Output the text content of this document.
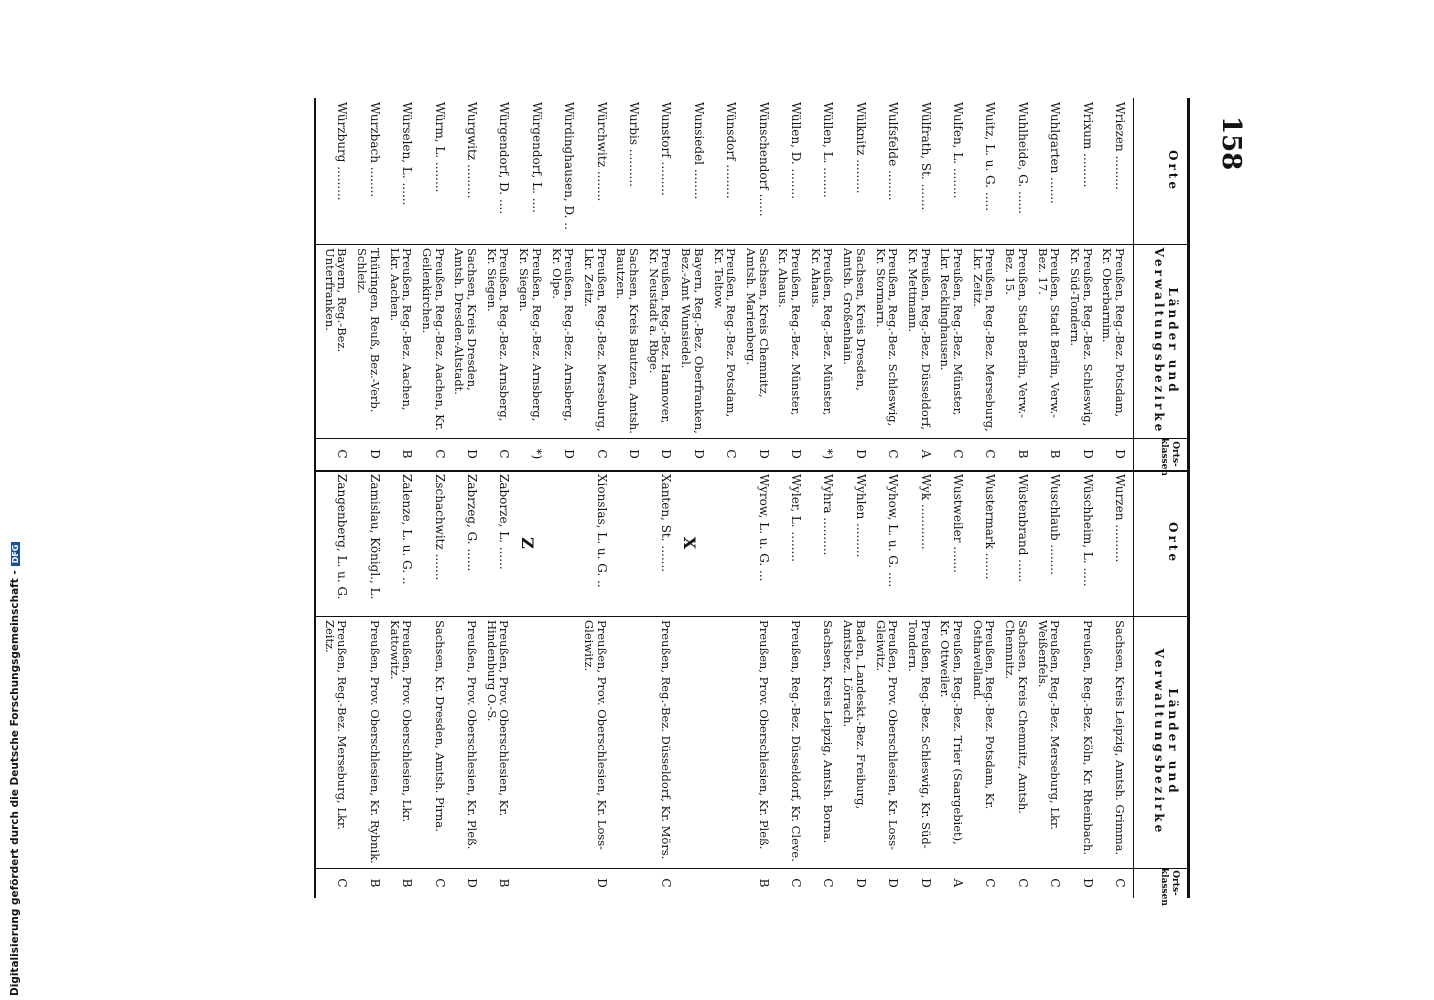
Digitalisierung gefördert durch die Deutsche Forschungsgemeinschaft -DFG
158
Orte
Länder und Verwaltungsbezirke
Orts- klassen
Orte
Länder und Verwaltungsbezirke
Orts- klassen
Wriezen .........
Preußen, Reg.-Bez. Potsdam, Kr. Oberbarnim.
D
Wrixum .........
Preußen, Reg.-Bez. Schleswig, Kr. Süd-Tondern.
D
Wuhlgarten .......
Preußen, Stadt Berlin, Verw.-Bez. 17.
B
Wuhlheide, G. ......
Preußen, Stadt Berlin, Verw.-Bez. 15.
B
Wuitz, L. u. G. .....
Preußen, Reg.-Bez. Merseburg, Lkr. Zeitz.
C
Wulfen, L. ........
Preußen, Reg.-Bez. Münster, Lkr. Recklinghausen.
C
Wülfrath, St. .......
Preußen, Reg.-Bez. Düsseldorf, Kr. Mettmann.
A
Wulfsfelde ........
Preußen, Reg.-Bez. Schleswig, Kr. Stormarn.
C
Wülknitz .........
Sachsen, Kreis Dresden, Amtsh. Großenhain.
D
Wüllen, L. ........
Preußen, Reg.-Bez. Münster, Kr. Ahaus.
*)
Wüllen, D. ........
Preußen, Reg.-Bez. Münster, Kr. Ahaus.
D
Wünschendorf ......
Sachsen, Kreis Chemnitz, Amtsh. Marienberg.
D
Wünsdorf .........
Preußen, Reg.-Bez. Potsdam, Kr. Teltow.
C
Wunsiedel ........
Bayern, Reg.-Bez. Oberfranken, Bez.-Amt Wunsiedel.
D
Wunstorf .........
Preußen, Reg.-Bez. Hannover, Kr. Neustadt a. Rbge.
D
Wurbis ..........
Sachsen, Kreis Bautzen, Amtsh. Bautzen.
D
Würchwitz ........
Preußen, Reg.-Bez. Merseburg, Lkr. Zeitz.
C
Würdinghausen, D. ..
Preußen, Reg.-Bez. Arnsberg, Kr. Olpe.
D
Würgendorf, L. ....
Preußen, Reg.-Bez. Arnsberg, Kr. Siegen.
*)
Würgendorf, D. ....
Preußen, Reg.-Bez. Arnsberg, Kr. Siegen.
C
Wurgwitz .........
Sachsen, Kreis Dresden, Amtsh. Dresden-Altstadt.
D
Würm, L. ........
Preußen, Reg.-Bez. Aachen, Kr. Geilenkirchen.
C
Würselen, L. ......
Preußen, Reg.-Bez. Aachen, Lkr. Aachen.
B
Wurzbach ........
Thüringen, Reuß, Bez.-Verb. Schleiz.
D
Würzburg .........
Bayern, Reg.-Bez. Unterfranken.
C
Wurzen ..........
Sachsen, Kreis Leipzig, Amtsh. Grimma.
C
Wüschheim, L. .....
Preußen, Reg.-Bez. Köln, Kr. Rheinbach.
D
Wuschlaub ........
Preußen, Reg.-Bez. Merseburg, Lkr. Weißenfels.
C
Wüstenbrand ......
Sachsen, Kreis Chemnitz, Amtsh. Chemnitz.
C
Wustermark .......
Preußen, Reg.-Bez. Potsdam, Kr. Osthavelland.
C
Wustweiler .......
Preußen, Reg.-Bez. Trier (Saargebiet), Kr. Ottweiler.
A
Wyk ............
Preußen, Reg.-Bez. Schleswig, Kr. Süd-Tondern.
D
Wyhow, L. u. G. ....
Preußen, Prov. Oberschlesien, Kr. Loss-Gleiwitz.
D
Wyhlen .........
Baden, Landeskt.-Bez. Freiburg, Amtsbez. Lörrach.
D
Wyhra ..........
Sachsen, Kreis Leipzig, Amtsh. Borna.
C
Wyler, L. ........
Preußen, Reg.-Bez. Düsseldorf, Kr. Cleve.
C
Wyrow, L. u. G. ...
Preußen, Prov. Oberschlesien, Kr. Pleß.
B
X
Xanten, St. .......
Preußen, Reg.-Bez. Düsseldorf, Kr. Mörs.
C
Xionslas, L. u. G. ..
Preußen, Prov. Oberschlesien, Kr. Loss-Gleiwitz.
D
Z
Zaborze, L. ......
Preußen, Prov. Oberschlesien, Kr. Hindenburg O.-S.
B
Zabrzeg, G. ......
Preußen, Prov. Oberschlesien, Kr. Pleß.
D
Zschachwitz .......
Sachsen, Kr. Dresden, Amtsh. Pirna.
C
Zalenze, L. u. G. ..
Preußen, Prov. Oberschlesien, Lkr. Kattowitz.
B
Zamislau, Königl., L.
Preußen, Prov. Oberschlesien, Kr. Rybnik.
B
Zangenberg, L. u. G.
Preußen, Reg.-Bez. Merseburg, Lkr. Zeitz.
C
